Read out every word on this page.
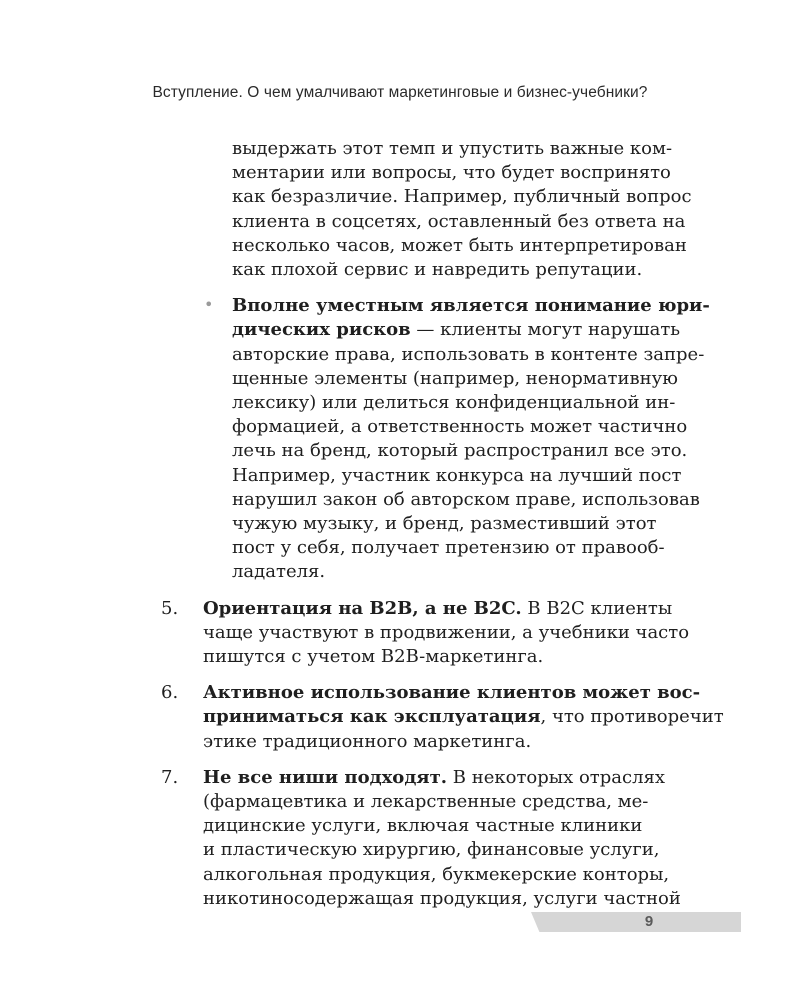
Вступление. О чем умалчивают маркетинговые и бизнес-учебники?
выдержать этот темп и упустить важные ком-
ментарии или вопросы, что будет воспринято
как безразличие. Например, публичный вопрос
клиента в соцсетях, оставленный без ответа на
несколько часов, может быть интерпретирован
как плохой сервис и навредить репутации.
• Вполне уместным является понимание юри-
дических рисков — клиенты могут нарушать
авторские права, использовать в контенте запре-
щенные элементы (например, ненормативную
лексику) или делиться конфиденциальной ин-
формацией, а ответственность может частично
лечь на бренд, который распространил все это.
Например, участник конкурса на лучший пост
нарушил закон об авторском праве, использовав
чужую музыку, и бренд, разместивший этот
пост у себя, получает претензию от правооб-
ладателя.
5. Ориентация на B2B, а не B2C. В B2C клиенты
чаще участвуют в продвижении, а учебники часто
пишутся с учетом B2B-маркетинга.
6. Активное использование клиентов может вос-
приниматься как эксплуатация, что противоречит
этике традиционного маркетинга.
7. Не все ниши подходят. В некоторых отраслях
(фармацевтика и лекарственные средства, ме-
дицинские услуги, включая частные клиники
и пластическую хирургию, финансовые услуги,
алкогольная продукция, букмекерские конторы,
никотиносодержащая продукция, услуги частной
9
